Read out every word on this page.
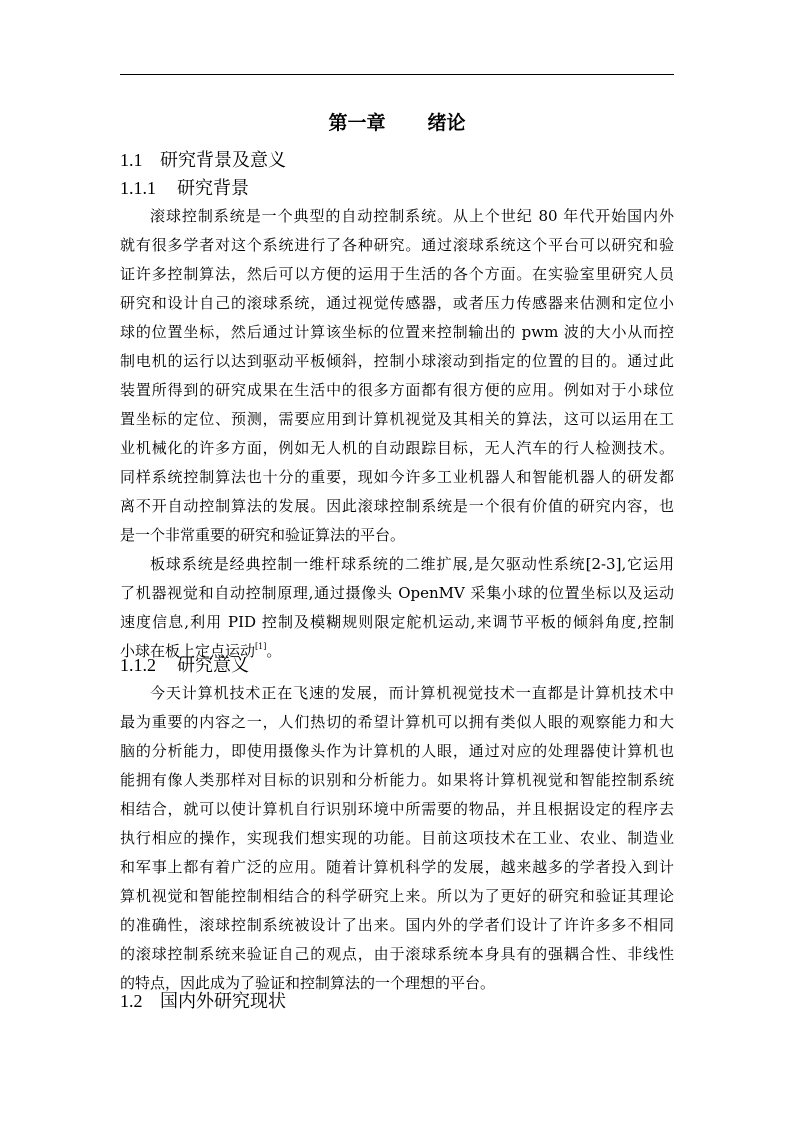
第一章 绪论
1.1 研究背景及意义
1.1.1 研究背景
滚球控制系统是一个典型的自动控制系统。从上个世纪 80 年代开始国内外
就有很多学者对这个系统进行了各种研究。通过滚球系统这个平台可以研究和验
证许多控制算法，然后可以方便的运用于生活的各个方面。在实验室里研究人员
研究和设计自己的滚球系统，通过视觉传感器，或者压力传感器来估测和定位小
球的位置坐标，然后通过计算该坐标的位置来控制输出的 pwm 波的大小从而控
制电机的运行以达到驱动平板倾斜，控制小球滚动到指定的位置的目的。通过此
装置所得到的研究成果在生活中的很多方面都有很方便的应用。例如对于小球位
置坐标的定位、预测，需要应用到计算机视觉及其相关的算法，这可以运用在工
业机械化的许多方面，例如无人机的自动跟踪目标，无人汽车的行人检测技术。
同样系统控制算法也十分的重要，现如今许多工业机器人和智能机器人的研发都
离不开自动控制算法的发展。因此滚球控制系统是一个很有价值的研究内容，也
是一个非常重要的研究和验证算法的平台。
板球系统是经典控制一维杆球系统的二维扩展,是欠驱动性系统[2-3],它运用
了机器视觉和自动控制原理,通过摄像头 OpenMV 采集小球的位置坐标以及运动
速度信息,利用 PID 控制及模糊规则限定舵机运动,来调节平板的倾斜角度,控制
小球在板上定点运动[1]。
1.1.2 研究意义
今天计算机技术正在飞速的发展，而计算机视觉技术一直都是计算机技术中
最为重要的内容之一，人们热切的希望计算机可以拥有类似人眼的观察能力和大
脑的分析能力，即使用摄像头作为计算机的人眼，通过对应的处理器使计算机也
能拥有像人类那样对目标的识别和分析能力。如果将计算机视觉和智能控制系统
相结合，就可以使计算机自行识别环境中所需要的物品，并且根据设定的程序去
执行相应的操作，实现我们想实现的功能。目前这项技术在工业、农业、制造业
和军事上都有着广泛的应用。随着计算机科学的发展，越来越多的学者投入到计
算机视觉和智能控制相结合的科学研究上来。所以为了更好的研究和验证其理论
的准确性，滚球控制系统被设计了出来。国内外的学者们设计了许许多多不相同
的滚球控制系统来验证自己的观点，由于滚球系统本身具有的强耦合性、非线性
的特点，因此成为了验证和控制算法的一个理想的平台。
1.2 国内外研究现状
